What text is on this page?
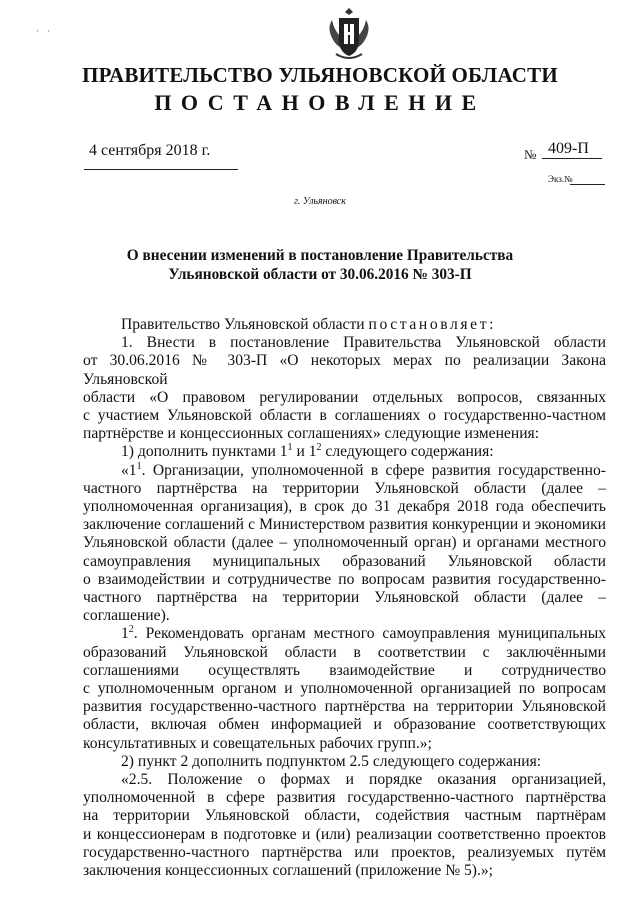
· ·
ПРАВИТЕЛЬСТВО УЛЬЯНОВСКОЙ ОБЛАСТИ
ПОСТАНОВЛЕНИЕ
4 сентября 2018 г.	№ 409-П
Экз.№
г. Ульяновск
О внесении изменений в постановление Правительства
Ульяновской области от 30.06.2016 № 303-П

Правительство Ульяновской области постановляет:

1. Внести в постановление Правительства Ульяновской области

от 30.06.2016 № 303-П «О некоторых мерах по реализации Закона Ульяновской

области «О правовом регулировании отдельных вопросов, связанных

с участием Ульяновской области в соглашениях о государственно-частном

партнёрстве и концессионных соглашениях» следующие изменения:

1) дополнить пунктами $1^1$ и $1^2$ следующего содержания:

«$1^1$. Организации, уполномоченной в сфере развития государственно-

частного партнёрства на территории Ульяновской области (далее –

уполномоченная организация), в срок до 31 декабря 2018 года обеспечить

заключение соглашений с Министерством развития конкуренции и экономики

Ульяновской области (далее – уполномоченный орган) и органами местного

самоуправления муниципальных образований Ульяновской области

о взаимодействии и сотрудничестве по вопросам развития государственно-

частного партнёрства на территории Ульяновской области (далее –

соглашение).

$1^2$. Рекомендовать органам местного самоуправления муниципальных

образований Ульяновской области в соответствии с заключёнными

соглашениями осуществлять взаимодействие и сотрудничество

с уполномоченным органом и уполномоченной организацией по вопросам

развития государственно-частного партнёрства на территории Ульяновской

области, включая обмен информацией и образование соответствующих

консультативных и совещательных рабочих групп.»;

2) пункт 2 дополнить подпунктом 2.5 следующего содержания:

«2.5. Положение о формах и порядке оказания организацией,

уполномоченной в сфере развития государственно-частного партнёрства

на территории Ульяновской области, содействия частным партнёрам

и концессионерам в подготовке и (или) реализации соответственно проектов

государственно-частного партнёрства или проектов, реализуемых путём

заключения концессионных соглашений (приложение № 5).»;
